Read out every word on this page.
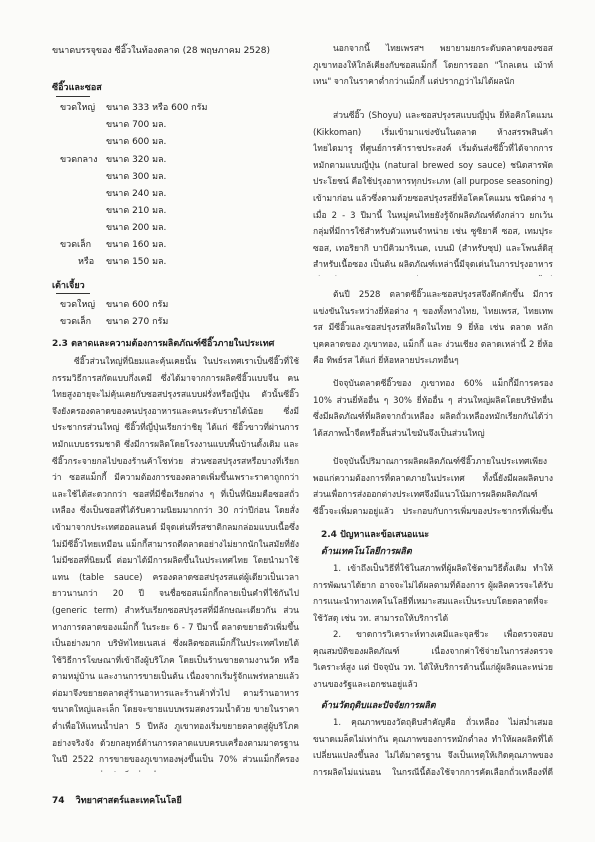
ขนาดบรรจุของ ซีอิ๊วในท้องตลาด (28 พฤษภาคม 2528)
ซีอิ๊วและซอส
ขวดใหญ่ ขนาด 333 หรือ 600 กรัม
ขนาด 700 มล.
ขนาด 600 มล.
ขวดกลาง ขนาด 320 มล.
ขนาด 300 มล.
ขนาด 240 มล.
ขนาด 210 มล.
ขนาด 200 มล.
ขวดเล็ก ขนาด 160 มล.
หรือ ขนาด 150 มล.
เต้าเจี้ยว
ขวดใหญ่ ขนาด 600 กรัม
ขวดเล็ก ขนาด 270 กรัม
2.3 ตลาดและความต้องการผลิตภัณฑ์ซีอิ๊วภายในประเทศ
ซีอิ๊วส่วนใหญ่ที่นิยมและคุ้นเคยนั้น ในประเทศเราเป็นซีอิ๊วที่ใช้กรรมวิธีการสกัดแบบกึ่งเคมี ซึ่งได้มาจากการผลิตซีอิ๊วแบบจีน คนไทยสูงอายุจะไม่คุ้นเคยกับซอสปรุงรสแบบฝรั่งหรือญี่ปุ่น ตัวนั้นซีอิ๊วจึงยังครองตลาดของคนปรุงอาหารและคนระดับรายได้น้อย ซึ่งมีประชากรส่วนใหญ่ ซีอิ๊วที่ญี่ปุ่นเรียกว่าชิยุ ได้แก่ ซีอิ๊วขาวที่ผ่านการหมักแบบธรรมชาติ ซึ่งมีการผลิตโดยโรงงานแบบพื้นบ้านดั้งเดิม และซีอิ๊วกระจายกลไปของร้านค้าโชห่วย ส่วนซอสปรุงรสหรือบางที่เรียกว่า ซอสแม็กกี้ มีความต้องการของตลาดเพิ่มขึ้นเพราะราคาถูกกว่าและใช้ได้สะดวกกว่า ซอสที่มีชื่อเรียกต่าง ๆ ที่เป็นที่นิยมคือซอสถั่วเหลือง ซึ่งเป็นซอสที่ได้รับความนิยมมากกว่า 30 กว่าปีก่อน โดยสั่งเข้ามาจากประเทศฮอลแลนด์ มีจุดเด่นที่รสชาติกลมกล่อมแบบเนื้อซึ่งไม่มีซีอิ๊วไทยเหมือน แม็กกี้สามารถตีตลาดอย่างไม่ยากนักในสมัยที่ยังไม่มีซอสที่นิยมนี้ ต่อมาได้มีการผลิตขึ้นในประเทศไทย โดยนำมาใช้แทน (table sauce) ครองตลาดซอสปรุงรสแต่ผู้เดียวเป็นเวลายาวนานกว่า 20 ปี จนชื่อซอสแม็กกี้กลายเป็นคำที่ใช้กันไป (generic term) สำหรับเรียกซอสปรุงรสที่มีลักษณะเดียวกัน ส่วนทางการตลาดของแม็กกี้ ในระยะ 6 - 7 ปีมานี้ ตลาดขยายตัวเพิ่มขึ้นเป็นอย่างมาก บริษัทไทยเนสเล่ ซึ่งผลิตซอสแม็กกี้ในประเทศไทยได้ใช้วิธีการโฆษณาที่เข้าถึงผู้บริโภค โดยเป็นร้านขายตามงานวัด หรือตามหมู่บ้าน และงานการขายเป็นต้น เนื่องจากเริ่มรู้จักแพร่หลายแล้ว ต่อมาจึงขยายตลาดสู่ร้านอาหารและร้านค้าทั่วไป ตามร้านอาหารขนาดใหญ่และเล็ก โดยจะขายแบบพรมสดงรวมน้ำด้วย ขายในราคาต่ำเพื่อให้แทนน้ำปลา 5 ปีหลัง ภูเขาทองเริ่มขยายตลาดสู่ผู้บริโภคอย่างจริงจัง ด้วยกลยุทธ์ด้านการตลาดแบบครบเครื่องตามมาตรฐาน ในปี 2522 การขายของภูเขาทองพุ่งขึ้นเป็น 70% ส่วนแม็กกี้ครอง
นอกจากนี้ ไทยเพรสฯ พยายามยกระดับตลาดของซอสภูเขาทองให้ใกล้เคียงกับซอสแม็กกี้ โดยการออก "โกลเดน เม้าท์เทน" จากในราคาต่ำกว่าแม็กกี้ แต่ปรากฏว่าไม่ได้ผลนัก
ส่วนซีอิ๊ว (Shoyu) และซอสปรุงรสแบบญี่ปุ่น ยี่ห้อคิกโคแมน (Kikkoman) เริ่มเข้ามาแข่งขันในตลาด ห้างสรรพสินค้าไทยไดมารู ที่ศูนย์การค้าราชประสงค์ เริ่มต้นส่งซีอิ๊วที่ได้จากการหมักตามแบบญี่ปุ่น (natural brewed soy sauce) ชนิดสารพัดประโยชน์ คือใช้ปรุงอาหารทุกประเภท (all purpose seasoning) เข้ามาก่อน แล้วซึ่งตามด้วยซอสปรุงรสยี่ห้อโคคโคแมน ชนิดต่าง ๆ เมื่อ 2 - 3 ปีมานี้ ในหมู่คนไทยยังรู้จักผลิตภัณฑ์ดังกล่าว ยกเว้นกลุ่มที่มีการใช้สำหรับตัวแทนจำหน่าย เช่น ซูซิยาคี ซอส, เทมปุระ ซอส, เทอริยากิ บาบีคิวมาริเนด, เบนมิ (สำหรับซุป) และโพนส์ดิสุ สำหรับเนื้อซอง เป็นต้น ผลิตภัณฑ์เหล่านี้มีจุดเด่นในการปรุงอาหาร
ต้นปี 2528 ตลาดซีอิ๊วและซอสปรุงรสจึงคึกคักขึ้น มีการแข่งขันในระหว่างยี่ห้อต่าง ๆ ของทั้งทางไทย, ไทยเพรส, ไทยเทพรส มีซีอิ๊วและซอสปรุงรสที่ผลิตในไทย 9 ยี่ห้อ เช่น ตลาด หลัก บุคคลาดของ ภูเขาทอง, แม็กกี้ และ ง่วนเชียง ตลาดเหล่านี้ 2 ยี่ห้อ คือ ทิพย์รส ได้แก่ ยี่ห้อหลายประเภทอื่นๆ
ปัจจุบันตลาดซีอิ๊วของ ภูเขาทอง 60% แม็กกี้มีการครอง 10% ส่วนยี่ห้ออื่น ๆ 30% ยี่ห้ออื่น ๆ ส่วนใหญ่ผลิตโดยบริษัทอื่น ซึ่งมีผลิตภัณฑ์ที่ผลิตจากถั่วเหลือง ผลิตถั่วเหลืองหมักเรียกกันได้ว่า ได้สภาพน้ำจืดหรือสิ้นส่วนไขมันจึงเป็นส่วนใหญ่
ปัจจุบันนี้ปริมาณการผลิตผลิตภัณฑ์ซีอิ๊วภายในประเทศเพียงพอแก่ความต้องการที่ตลาดภายในประเทศ ทั้งนี้ยังมีผลผลิตบางส่วนเพื่อการส่งออกต่างประเทศจึงมีแนวโน้มการผลิตผลิตภัณฑ์ซีอิ๊วจะเพิ่มตามอยู่แล้ว ประกอบกับการเพิ่มของประชากรที่เพิ่มขึ้น
2.4 ปัญหาและข้อเสนอแนะ
ด้านเทคโนโลยีการผลิต
1. เข้าถึงเป็นวิธีที่ใช้ในสภาพที่ผู้ผลิตใช้ตามวิธีดั้งเดิม ทำให้การพัฒนาได้ยาก อาจจะไม่ได้ผลตามที่ต้องการ ผู้ผลิตควรจะได้รับการแนะนำทางเทคโนโลยีที่เหมาะสมและเป็นระบบโดยตลาดที่จะใช้วัสดุ เช่น วท. สามารถให้บริการได้
2. ขาดการวิเคราะห์ทางเคมีและจุลชีวะ เพื่อตรวจสอบคุณสมบัติของผลิตภัณฑ์ เนื่องจากค่าใช้จ่ายในการส่งตรวจวิเคราะห์สูง แต่ ปัจจุบัน วท. ได้ให้บริการด้านนี้แก่ผู้ผลิตและหน่วยงานของรัฐและเอกชนอยู่แล้ว
ด้านวัตถุดิบและปัจจัยการผลิต
1. คุณภาพของวัตถุดิบสำคัญคือ ถั่วเหลือง ไม่สม่ำเสมอ ขนาดเมล็ดไม่เท่ากัน คุณภาพของการหมักต่ำลง ทำให้ผลผลิตที่ได้เปลี่ยนแปลงขึ้นลง ไม่ได้มาตรฐาน จึงเป็นเหตุให้เกิดคุณภาพของการผลิตไม่แน่นอน ในกรณีนี้ต้องใช้จากการคัดเลือกถั่วเหลืองที่ดี
74 วิทยาศาสตร์และเทคโนโลยี
